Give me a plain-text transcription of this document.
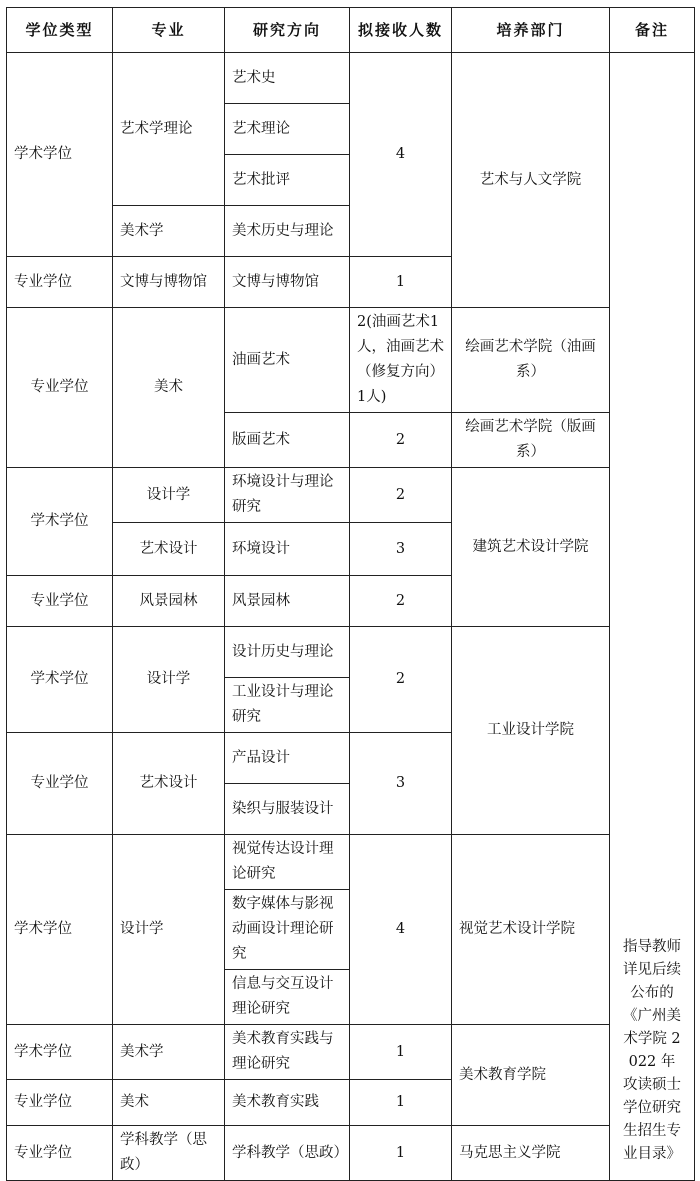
学位类型	专业	研究方向	拟接收人数	培养部门	备注
学术学位	艺术学理论	艺术史	4	艺术与人文学院	指导教师详见后续公布的《广州美术学院 2022 年 攻读硕士学位研究生招生专业目录》
		艺术理论			
		艺术批评			
	美术学	美术历史与理论			
专业学位	文博与博物馆	文博与博物馆	1		
专业学位	美术	油画艺术	2(油画艺术1人，油画艺术（修复方向）1人)	绘画艺术学院（油画系）	
		版画艺术	2	绘画艺术学院（版画系）	
学术学位	设计学	环境设计与理论研究	2	建筑艺术设计学院	
	艺术设计	环境设计	3		
专业学位	风景园林	风景园林	2		
学术学位	设计学	设计历史与理论	2	工业设计学院	
		工业设计与理论研究			
专业学位	艺术设计	产品设计	3		
		染织与服装设计			
学术学位	设计学	视觉传达设计理论研究	4	视觉艺术设计学院	
		数字媒体与影视动画设计理论研究			
		信息与交互设计理论研究			
学术学位	美术学	美术教育实践与理论研究	1	美术教育学院	
专业学位	美术	美术教育实践	1		
专业学位	学科教学（思政）	学科教学（思政）	1	马克思主义学院	
